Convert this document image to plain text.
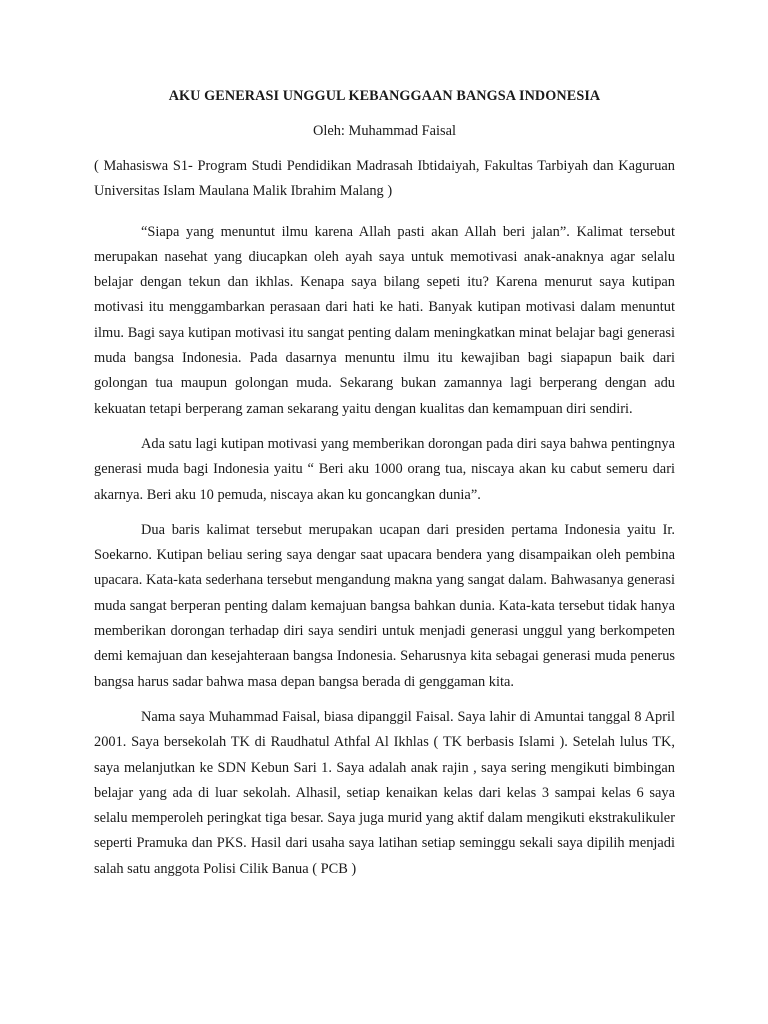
AKU GENERASI UNGGUL KEBANGGAAN BANGSA INDONESIA
Oleh: Muhammad Faisal
( Mahasiswa S1- Program Studi Pendidikan Madrasah Ibtidaiyah, Fakultas Tarbiyah dan Kaguruan Universitas Islam Maulana Malik Ibrahim Malang )

“Siapa yang menuntut ilmu karena Allah pasti akan Allah beri jalan”. Kalimat tersebut merupakan nasehat yang diucapkan oleh ayah saya untuk memotivasi anak-anaknya agar selalu belajar dengan tekun dan ikhlas. Kenapa saya bilang sepeti itu? Karena menurut saya kutipan motivasi itu menggambarkan perasaan dari hati ke hati. Banyak kutipan motivasi dalam menuntut ilmu. Bagi saya kutipan motivasi itu sangat penting dalam meningkatkan minat belajar bagi generasi muda bangsa Indonesia. Pada dasarnya menuntu ilmu itu kewajiban bagi siapapun baik dari golongan tua maupun golongan muda. Sekarang bukan zamannya lagi berperang dengan adu kekuatan tetapi berperang zaman sekarang yaitu dengan kualitas dan kemampuan diri sendiri.

Ada satu lagi kutipan motivasi yang memberikan dorongan pada diri saya bahwa pentingnya generasi muda bagi Indonesia yaitu “ Beri aku 1000 orang tua, niscaya akan ku cabut semeru dari akarnya. Beri aku 10 pemuda, niscaya akan ku goncangkan dunia”.

Dua baris kalimat tersebut merupakan ucapan dari presiden pertama Indonesia yaitu Ir. Soekarno. Kutipan beliau sering saya dengar saat upacara bendera yang disampaikan oleh pembina upacara. Kata-kata sederhana tersebut mengandung makna yang sangat dalam. Bahwasanya generasi muda sangat berperan penting dalam kemajuan bangsa bahkan dunia. Kata-kata tersebut tidak hanya memberikan dorongan terhadap diri saya sendiri untuk menjadi generasi unggul yang berkompeten demi kemajuan dan kesejahteraan bangsa Indonesia. Seharusnya kita sebagai generasi muda penerus bangsa harus sadar bahwa masa depan bangsa berada di genggaman kita.

Nama saya Muhammad Faisal, biasa dipanggil Faisal. Saya lahir di Amuntai tanggal 8 April 2001. Saya bersekolah TK di Raudhatul Athfal Al Ikhlas ( TK berbasis Islami ). Setelah lulus TK, saya melanjutkan ke SDN Kebun Sari 1. Saya adalah anak rajin , saya sering mengikuti bimbingan belajar yang ada di luar sekolah. Alhasil, setiap kenaikan kelas dari kelas 3 sampai kelas 6 saya selalu memperoleh peringkat tiga besar. Saya juga murid yang aktif dalam mengikuti ekstrakulikuler seperti Pramuka dan PKS. Hasil dari usaha saya latihan setiap seminggu sekali saya dipilih menjadi salah satu anggota Polisi Cilik Banua ( PCB )
